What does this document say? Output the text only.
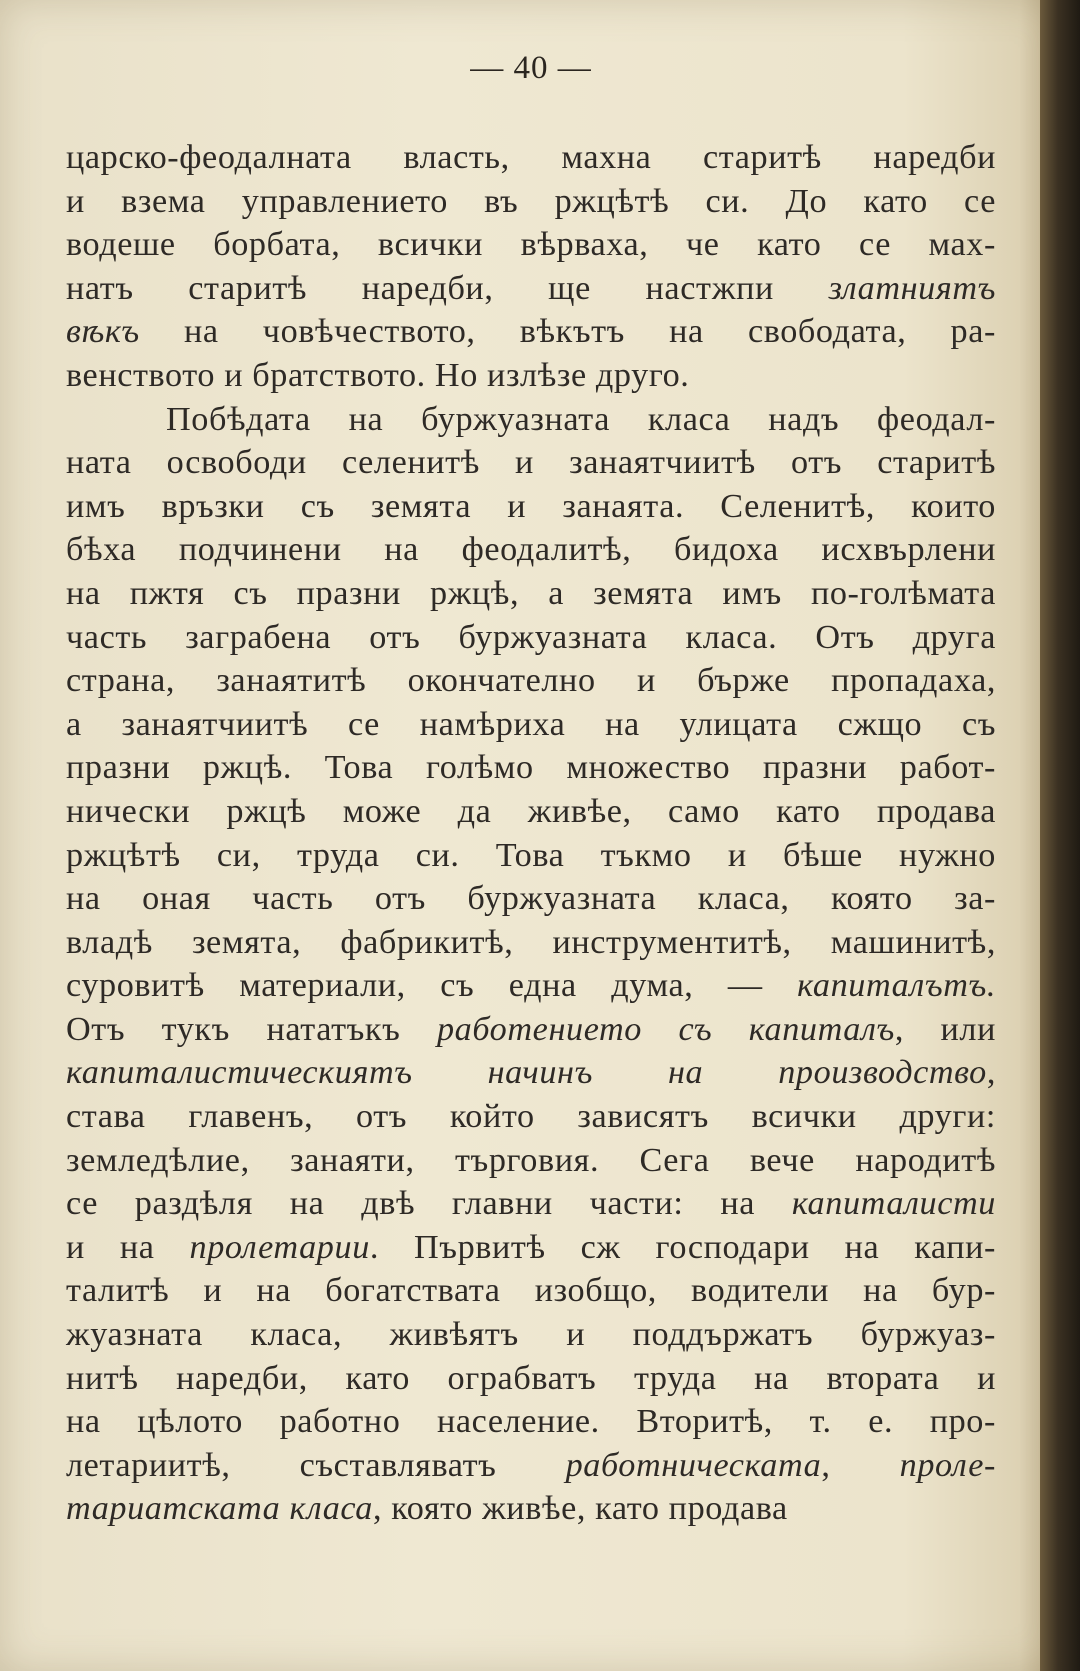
— 40 —
царско-феодалната власть, махна старитѣ наредби
и взема управлението въ ржцѣтѣ си. До като се
водеше борбата, всички вѣрваха, че като се мах-
натъ старитѣ наредби, ще настжпи златниятъ
вѣкъ на човѣчеството, вѣкътъ на свободата, ра-
венството и братството. Но излѣзе друго.
Побѣдата на буржуазната класа надъ феодал-
ната освободи селенитѣ и занаятчиитѣ отъ старитѣ
имъ връзки съ земята и занаята. Селенитѣ, които
бѣха подчинени на феодалитѣ, бидоха исхвърлени
на пжтя съ празни ржцѣ, а земята имъ по-голѣмата
часть заграбена отъ буржуазната класа. Отъ друга
страна, занаятитѣ окончателно и бърже пропадаха,
а занаятчиитѣ се намѣриха на улицата сжщо съ
празни ржцѣ. Това голѣмо множество празни работ-
нически ржцѣ може да живѣе, само като продава
ржцѣтѣ си, труда си. Това тъкмо и бѣше нужно
на оная часть отъ буржуазната класа, която за-
владѣ земята, фабрикитѣ, инструментитѣ, машинитѣ,
суровитѣ материали, съ една дума, — капиталътъ.
Отъ тукъ нататъкъ работението съ капиталъ, или
капиталистическиятъ начинъ на производство,
става главенъ, отъ който зависятъ всички други:
земледѣлие, занаяти, търговия. Сега вече народитѣ
се раздѣля на двѣ главни части: на капиталисти
и на пролетарии. Първитѣ сж господари на капи-
талитѣ и на богатствата изобщо, водители на бур-
жуазната класа, живѣятъ и поддържатъ буржуаз-
нитѣ наредби, като ограбватъ труда на втората и
на цѣлото работно население. Вторитѣ, т. е. про-
летариитѣ, съставляватъ работническата, проле-
тариатската класа, която живѣе, като продава
